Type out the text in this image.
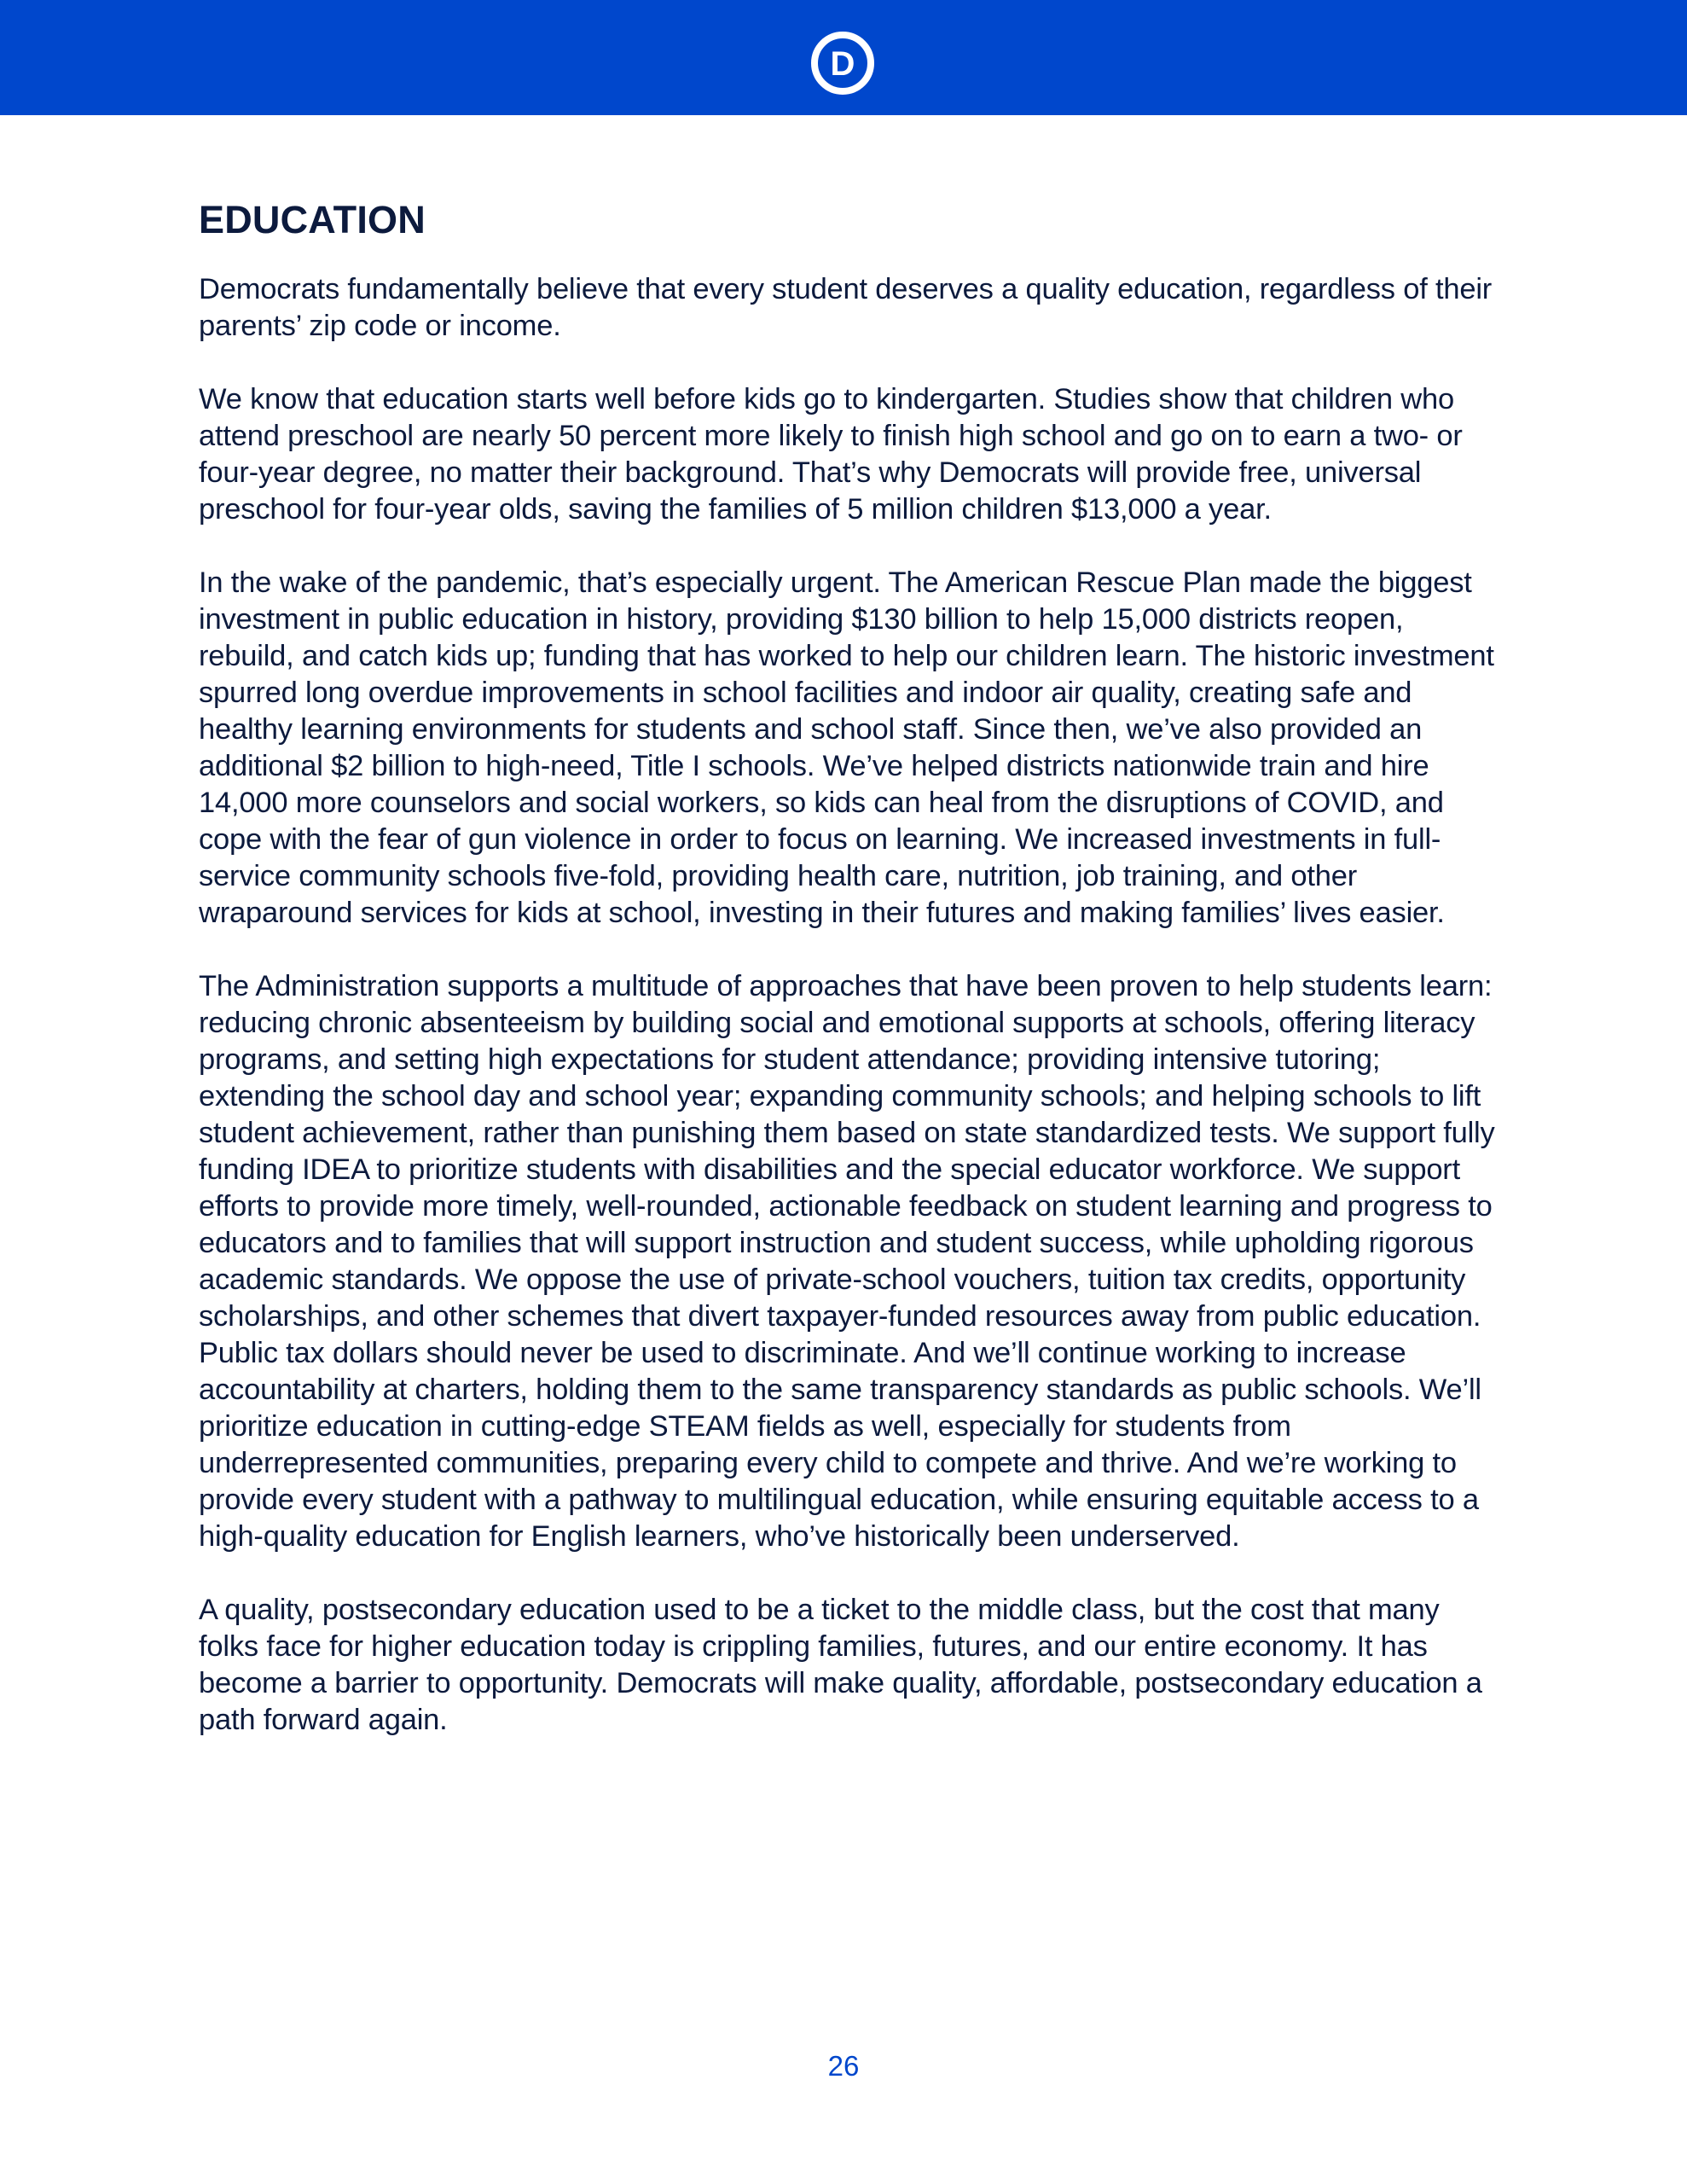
D
EDUCATION

Democrats fundamentally believe that every student deserves a quality education, regardless of their parents’ zip code or income.

We know that education starts well before kids go to kindergarten. Studies show that children who attend preschool are nearly 50 percent more likely to finish high school and go on to earn a two- or four-year degree, no matter their background. That’s why Democrats will provide free, universal preschool for four-year olds, saving the families of 5 million children $13,000 a year.

In the wake of the pandemic, that’s especially urgent. The American Rescue Plan made the biggest investment in public education in history, providing $130 billion to help 15,000 districts reopen, rebuild, and catch kids up; funding that has worked to help our children learn. The historic investment spurred long overdue improvements in school facilities and indoor air quality, creating safe and healthy learning environments for students and school staff. Since then, we’ve also provided an additional $2 billion to high-need, Title I schools. We’ve helped districts nationwide train and hire 14,000 more counselors and social workers, so kids can heal from the disruptions of COVID, and cope with the fear of gun violence in order to focus on learning. We increased investments in full-service community schools five-fold, providing health care, nutrition, job training, and other wraparound services for kids at school, investing in their futures and making families’ lives easier.

The Administration supports a multitude of approaches that have been proven to help students learn: reducing chronic absenteeism by building social and emotional supports at schools, offering literacy programs, and setting high expectations for student attendance; providing intensive tutoring; extending the school day and school year; expanding community schools; and helping schools to lift student achievement, rather than punishing them based on state standardized tests. We support fully funding IDEA to prioritize students with disabilities and the special educator workforce. We support efforts to provide more timely, well-rounded, actionable feedback on student learning and progress to educators and to families that will support instruction and student success, while upholding rigorous academic standards. We oppose the use of private-school vouchers, tuition tax credits, opportunity scholarships, and other schemes that divert taxpayer-funded resources away from public education. Public tax dollars should never be used to discriminate. And we’ll continue working to increase accountability at charters, holding them to the same transparency standards as public schools. We’ll prioritize education in cutting-edge STEAM fields as well, especially for students from underrepresented communities, preparing every child to compete and thrive. And we’re working to provide every student with a pathway to multilingual education, while ensuring equitable access to a high-quality education for English learners, who’ve historically been underserved.

A quality, postsecondary education used to be a ticket to the middle class, but the cost that many folks face for higher education today is crippling families, futures, and our entire economy. It has become a barrier to opportunity. Democrats will make quality, affordable, postsecondary education a path forward again.

26
